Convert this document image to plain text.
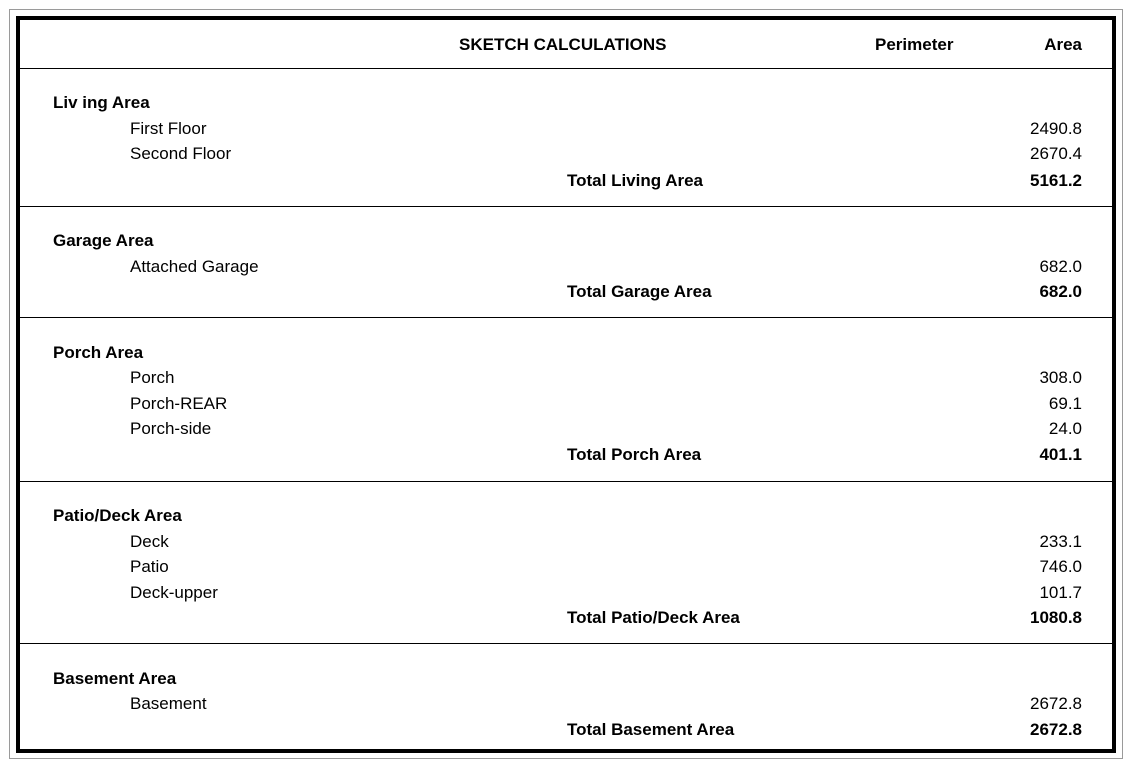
SKETCH CALCULATIONS	Perimeter	Area
Liv ing Area
First Floor	2490.8
Second Floor	2670.4
Total Living Area	5161.2
Garage Area
Attached Garage	682.0
Total Garage Area	682.0
Porch Area
Porch	308.0
Porch-REAR	69.1
Porch-side	24.0
Total Porch Area	401.1
Patio/Deck Area
Deck	233.1
Patio	746.0
Deck-upper	101.7
Total Patio/Deck Area	1080.8
Basement Area
Basement	2672.8
Total Basement Area	2672.8
